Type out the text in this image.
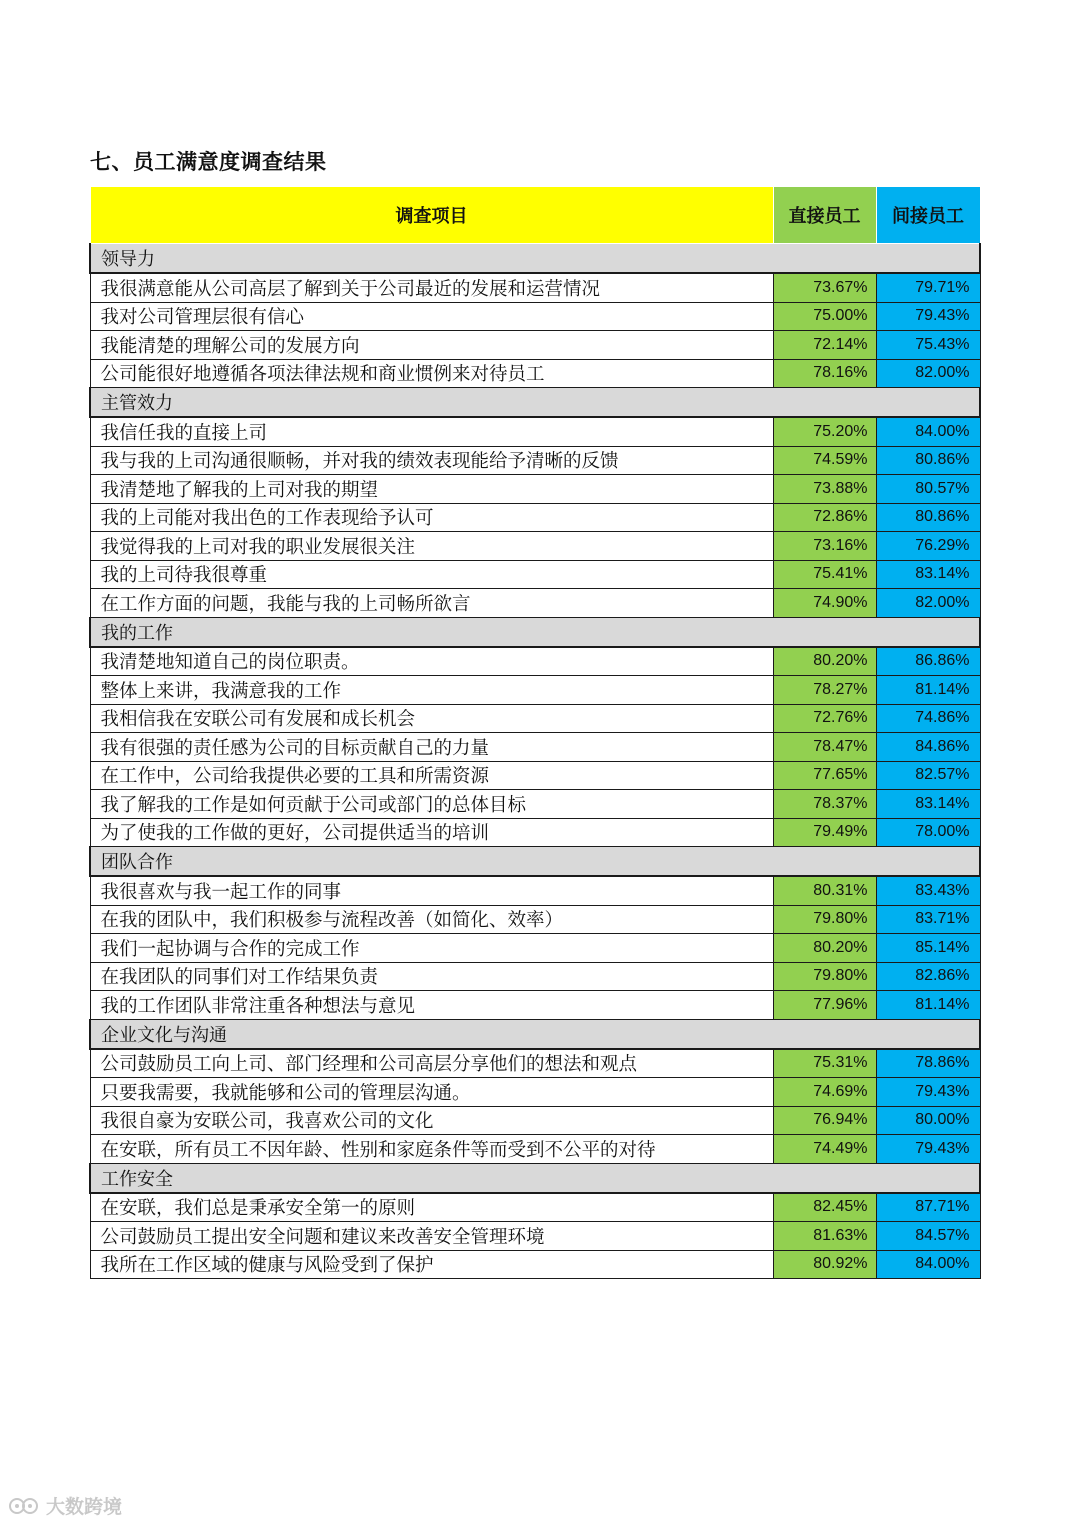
七、员工满意度调查结果
调查项目	直接员工	间接员工
领导力		
我很满意能从公司高层了解到关于公司最近的发展和运营情况	73.67%	79.71%
我对公司管理层很有信心	75.00%	79.43%
我能清楚的理解公司的发展方向	72.14%	75.43%
公司能很好地遵循各项法律法规和商业惯例来对待员工	78.16%	82.00%
主管效力		
我信任我的直接上司	75.20%	84.00%
我与我的上司沟通很顺畅，并对我的绩效表现能给予清晰的反馈	74.59%	80.86%
我清楚地了解我的上司对我的期望	73.88%	80.57%
我的上司能对我出色的工作表现给予认可	72.86%	80.86%
我觉得我的上司对我的职业发展很关注	73.16%	76.29%
我的上司待我很尊重	75.41%	83.14%
在工作方面的问题，我能与我的上司畅所欲言	74.90%	82.00%
我的工作		
我清楚地知道自己的岗位职责。	80.20%	86.86%
整体上来讲，我满意我的工作	78.27%	81.14%
我相信我在安联公司有发展和成长机会	72.76%	74.86%
我有很强的责任感为公司的目标贡献自己的力量	78.47%	84.86%
在工作中，公司给我提供必要的工具和所需资源	77.65%	82.57%
我了解我的工作是如何贡献于公司或部门的总体目标	78.37%	83.14%
为了使我的工作做的更好，公司提供适当的培训	79.49%	78.00%
团队合作		
我很喜欢与我一起工作的同事	80.31%	83.43%
在我的团队中，我们积极参与流程改善（如简化、效率）	79.80%	83.71%
我们一起协调与合作的完成工作	80.20%	85.14%
在我团队的同事们对工作结果负责	79.80%	82.86%
我的工作团队非常注重各种想法与意见	77.96%	81.14%
企业文化与沟通		
公司鼓励员工向上司、部门经理和公司高层分享他们的想法和观点	75.31%	78.86%
只要我需要，我就能够和公司的管理层沟通。	74.69%	79.43%
我很自豪为安联公司，我喜欢公司的文化	76.94%	80.00%
在安联，所有员工不因年龄、性别和家庭条件等而受到不公平的对待	74.49%	79.43%
工作安全		
在安联，我们总是秉承安全第一的原则	82.45%	87.71%
公司鼓励员工提出安全问题和建议来改善安全管理环境	81.63%	84.57%
我所在工作区域的健康与风险受到了保护	80.92%	84.00%
大数跨境
